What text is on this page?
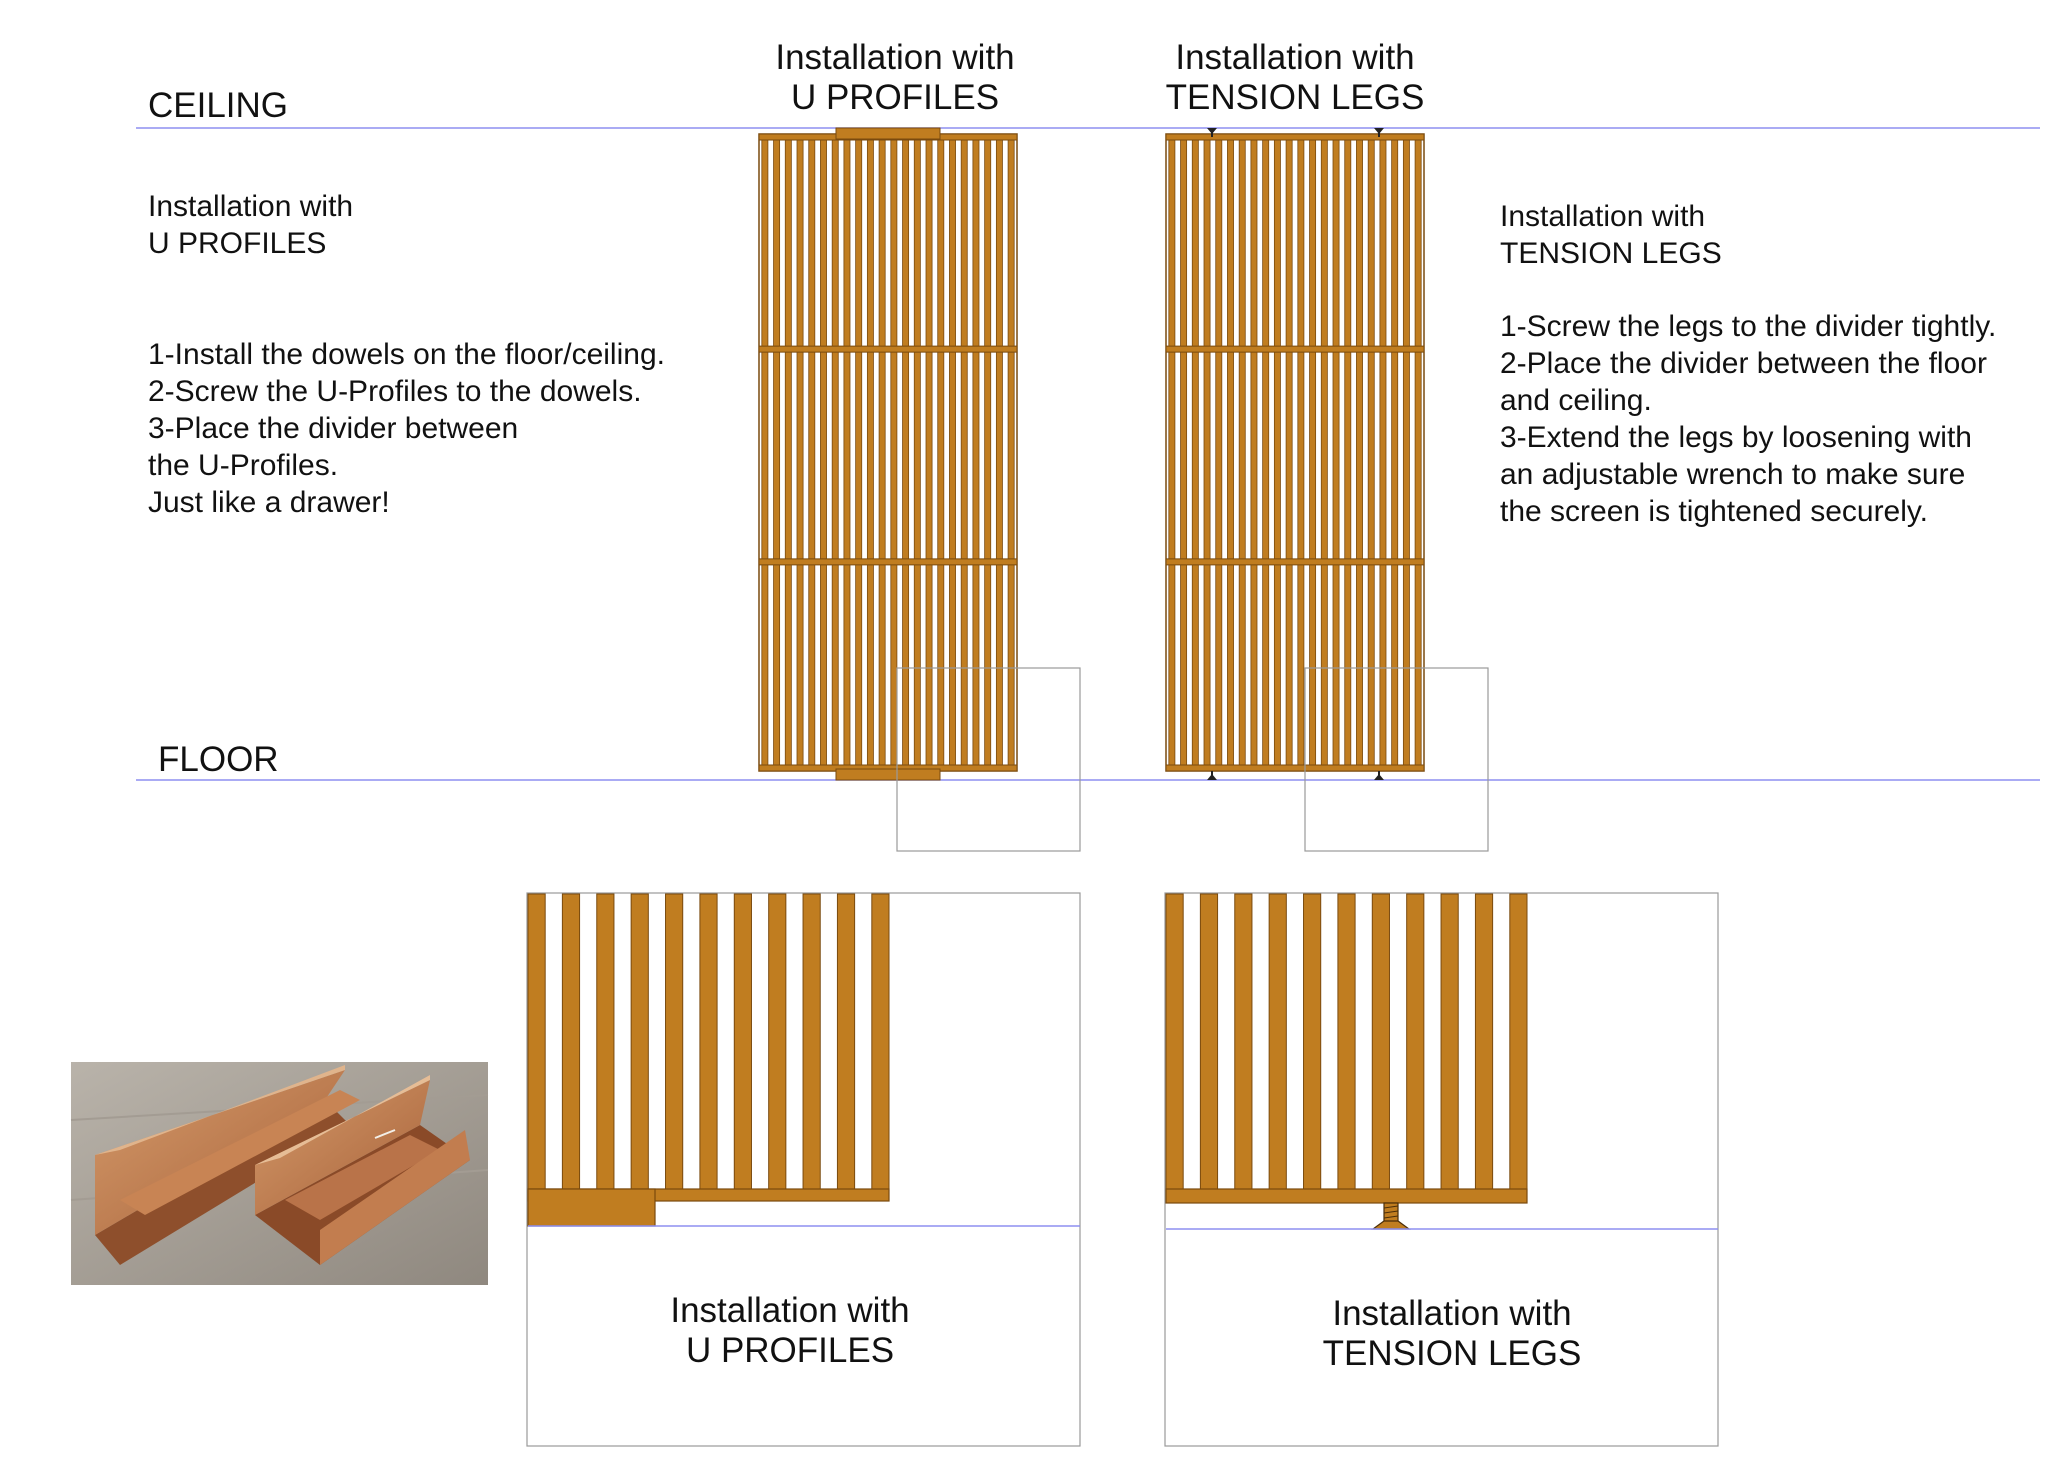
CEILING
FLOOR
Installation with
U PROFILES
Installation with
TENSION LEGS
Installation with
U PROFILES
1-Install the dowels on the floor/ceiling.
2-Screw the U-Profiles to the dowels.
3-Place the divider between
the U-Profiles.
Just like a drawer!
Installation with
TENSION LEGS
1-Screw the legs to the divider tightly.
2-Place the divider between the floor
and ceiling.
3-Extend the legs by loosening with
an adjustable wrench to make sure
the screen is tightened securely.
Installation with
U PROFILES
Installation with
TENSION LEGS
